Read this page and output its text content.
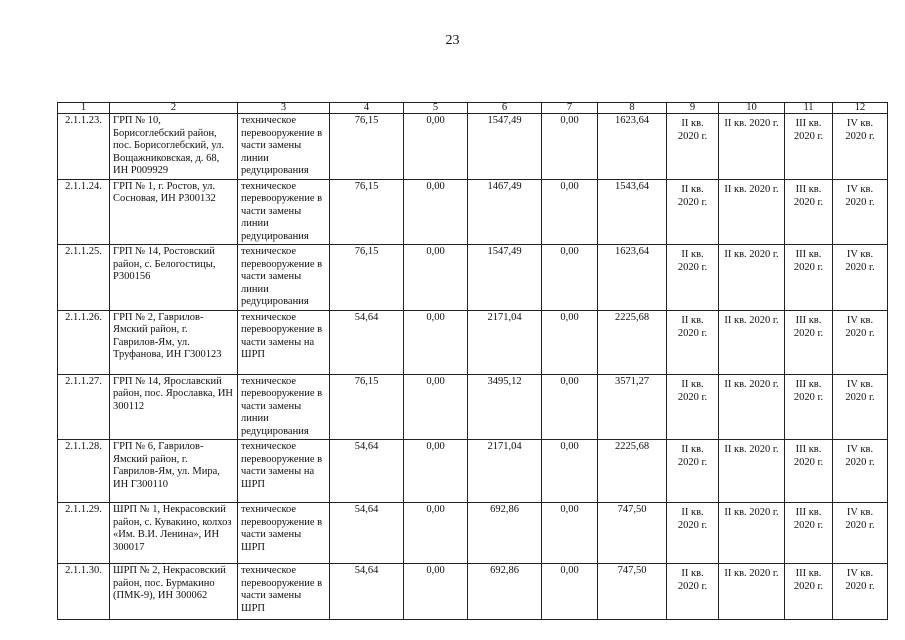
23
1	2	3	4	5	6	7	8	9	10	11	12
2.1.1.23.	ГРП № 10, Борисоглебский район, пос. Борисоглебский, ул. Вощажниковская, д. 68, ИН Р009929	техническое перевооружение в части замены линии редуцирования	76,15	0,00	1547,49	0,00	1623,64	II кв. 2020 г.	II кв. 2020 г.	III кв. 2020 г.	IV кв. 2020 г.
2.1.1.24.	ГРП № 1, г. Ростов, ул. Сосновая, ИН Р300132	техническое перевооружение в части замены линии редуцирования	76,15	0,00	1467,49	0,00	1543,64	II кв. 2020 г.	II кв. 2020 г.	III кв. 2020 г.	IV кв. 2020 г.
2.1.1.25.	ГРП № 14, Ростовский район, с. Белогостицы, Р300156	техническое перевооружение в части замены линии редуцирования	76,15	0,00	1547,49	0,00	1623,64	II кв. 2020 г.	II кв. 2020 г.	III кв. 2020 г.	IV кв. 2020 г.
2.1.1.26.	ГРП № 2, Гаврилов-Ямский район, г. Гаврилов-Ям, ул. Труфанова, ИН Г300123	техническое перевооружение в части замены на ШРП	54,64	0,00	2171,04	0,00	2225,68	II кв. 2020 г.	II кв. 2020 г.	III кв. 2020 г.	IV кв. 2020 г.
2.1.1.27.	ГРП № 14, Ярославский район, пос. Ярославка, ИН 300112	техническое перевооружение в части замены линии редуцирования	76,15	0,00	3495,12	0,00	3571,27	II кв. 2020 г.	II кв. 2020 г.	III кв. 2020 г.	IV кв. 2020 г.
2.1.1.28.	ГРП № 6, Гаврилов-Ямский район, г. Гаврилов-Ям, ул. Мира, ИН Г300110	техническое перевооружение в части замены на ШРП	54,64	0,00	2171,04	0,00	2225,68	II кв. 2020 г.	II кв. 2020 г.	III кв. 2020 г.	IV кв. 2020 г.
2.1.1.29.	ШРП № 1, Некрасовский район, с. Кувакино, колхоз «Им. В.И. Ленина», ИН 300017	техническое перевооружение в части замены ШРП	54,64	0,00	692,86	0,00	747,50	II кв. 2020 г.	II кв. 2020 г.	III кв. 2020 г.	IV кв. 2020 г.
2.1.1.30.	ШРП № 2, Некрасовский район, пос. Бурмакино (ПМК-9), ИН 300062	техническое перевооружение в части замены ШРП	54,64	0,00	692,86	0,00	747,50	II кв. 2020 г.	II кв. 2020 г.	III кв. 2020 г.	IV кв. 2020 г.
